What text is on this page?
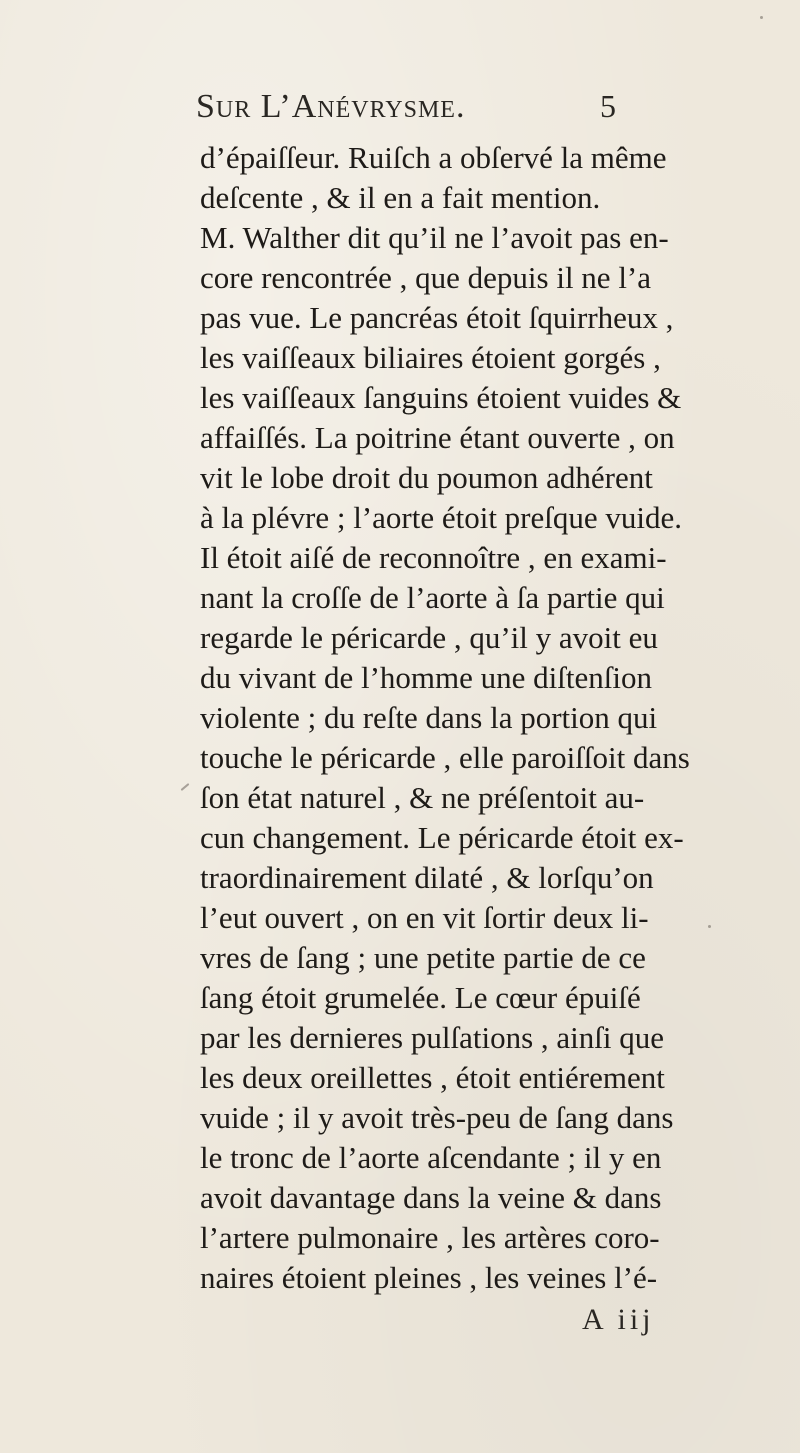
Sur L’Anévrysme.	5
d’épaiſſeur. Ruiſch a obſervé la même
deſcente , & il en a fait mention.
M. Walther dit qu’il ne l’avoit pas en-
core rencontrée , que depuis il ne l’a
pas vue. Le pancréas étoit ſquirrheux ,
les vaiſſeaux biliaires étoient gorgés ,
les vaiſſeaux ſanguins étoient vuides &
affaiſſés. La poitrine étant ouverte , on
vit le lobe droit du poumon adhérent
à la plévre ; l’aorte étoit preſque vuide.
Il étoit aiſé de reconnoître , en exami-
nant la croſſe de l’aorte à ſa partie qui
regarde le péricarde , qu’il y avoit eu
du vivant de l’homme une diſtenſion
violente ; du reſte dans la portion qui
touche le péricarde , elle paroiſſoit dans
ſon état naturel , & ne préſentoit au-
cun changement. Le péricarde étoit ex-
traordinairement dilaté , & lorſqu’on
l’eut ouvert , on en vit ſortir deux li-
vres de ſang ; une petite partie de ce
ſang étoit grumelée. Le cœur épuiſé
par les dernieres pulſations , ainſi que
les deux oreillettes , étoit entiérement
vuide ; il y avoit très-peu de ſang dans
le tronc de l’aorte aſcendante ; il y en
avoit davantage dans la veine & dans
l’artere pulmonaire , les artères coro-
naires étoient pleines , les veines l’é-
A iij
